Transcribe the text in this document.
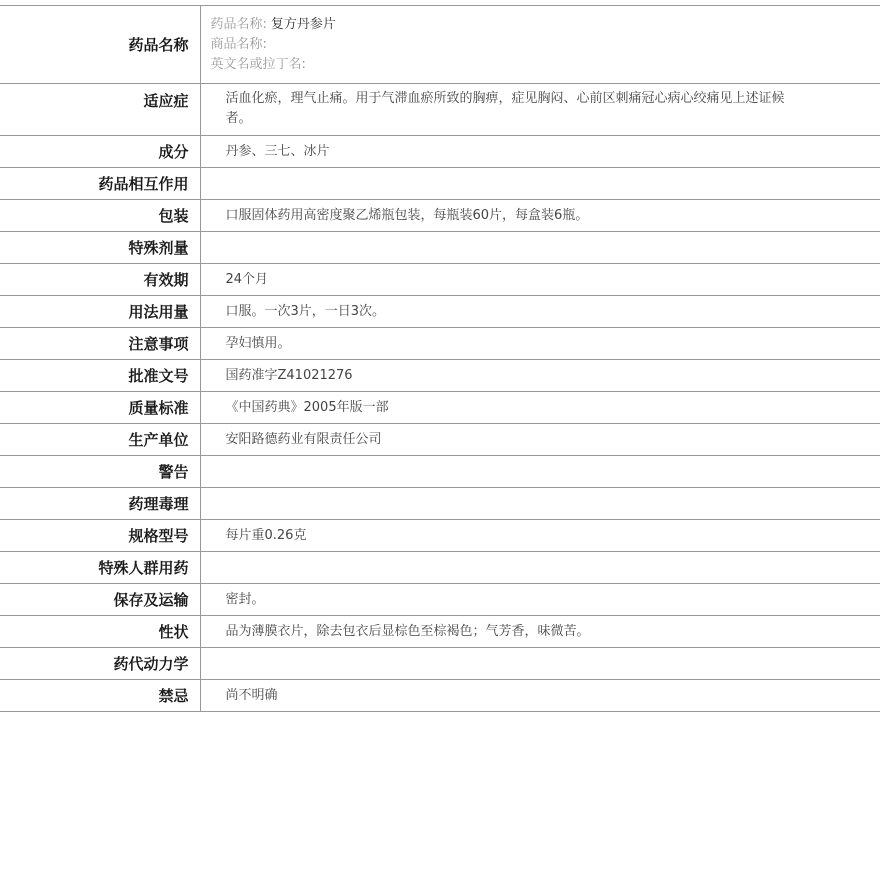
药品名称	药品名称: 复方丹参片
商品名称:
英文名或拉丁名:

适应症	活血化瘀，理气止痛。用于气滞血瘀所致的胸痹，症见胸闷、心前区刺痛冠心病心绞痛见上述证候者。
成分	丹参、三七、冰片
药品相互作用	
包装	口服固体药用高密度聚乙烯瓶包装，每瓶装60片，每盒装6瓶。
特殊剂量	
有效期	24个月
用法用量	口服。一次3片，一日3次。
注意事项	孕妇慎用。
批准文号	国药准字Z41021276
质量标准	《中国药典》2005年版一部
生产单位	安阳路德药业有限责任公司
警告	
药理毒理	
规格型号	每片重0.26克
特殊人群用药	
保存及运输	密封。
性状	品为薄膜衣片，除去包衣后显棕色至棕褐色；气芳香，味微苦。
药代动力学	
禁忌	尚不明确
